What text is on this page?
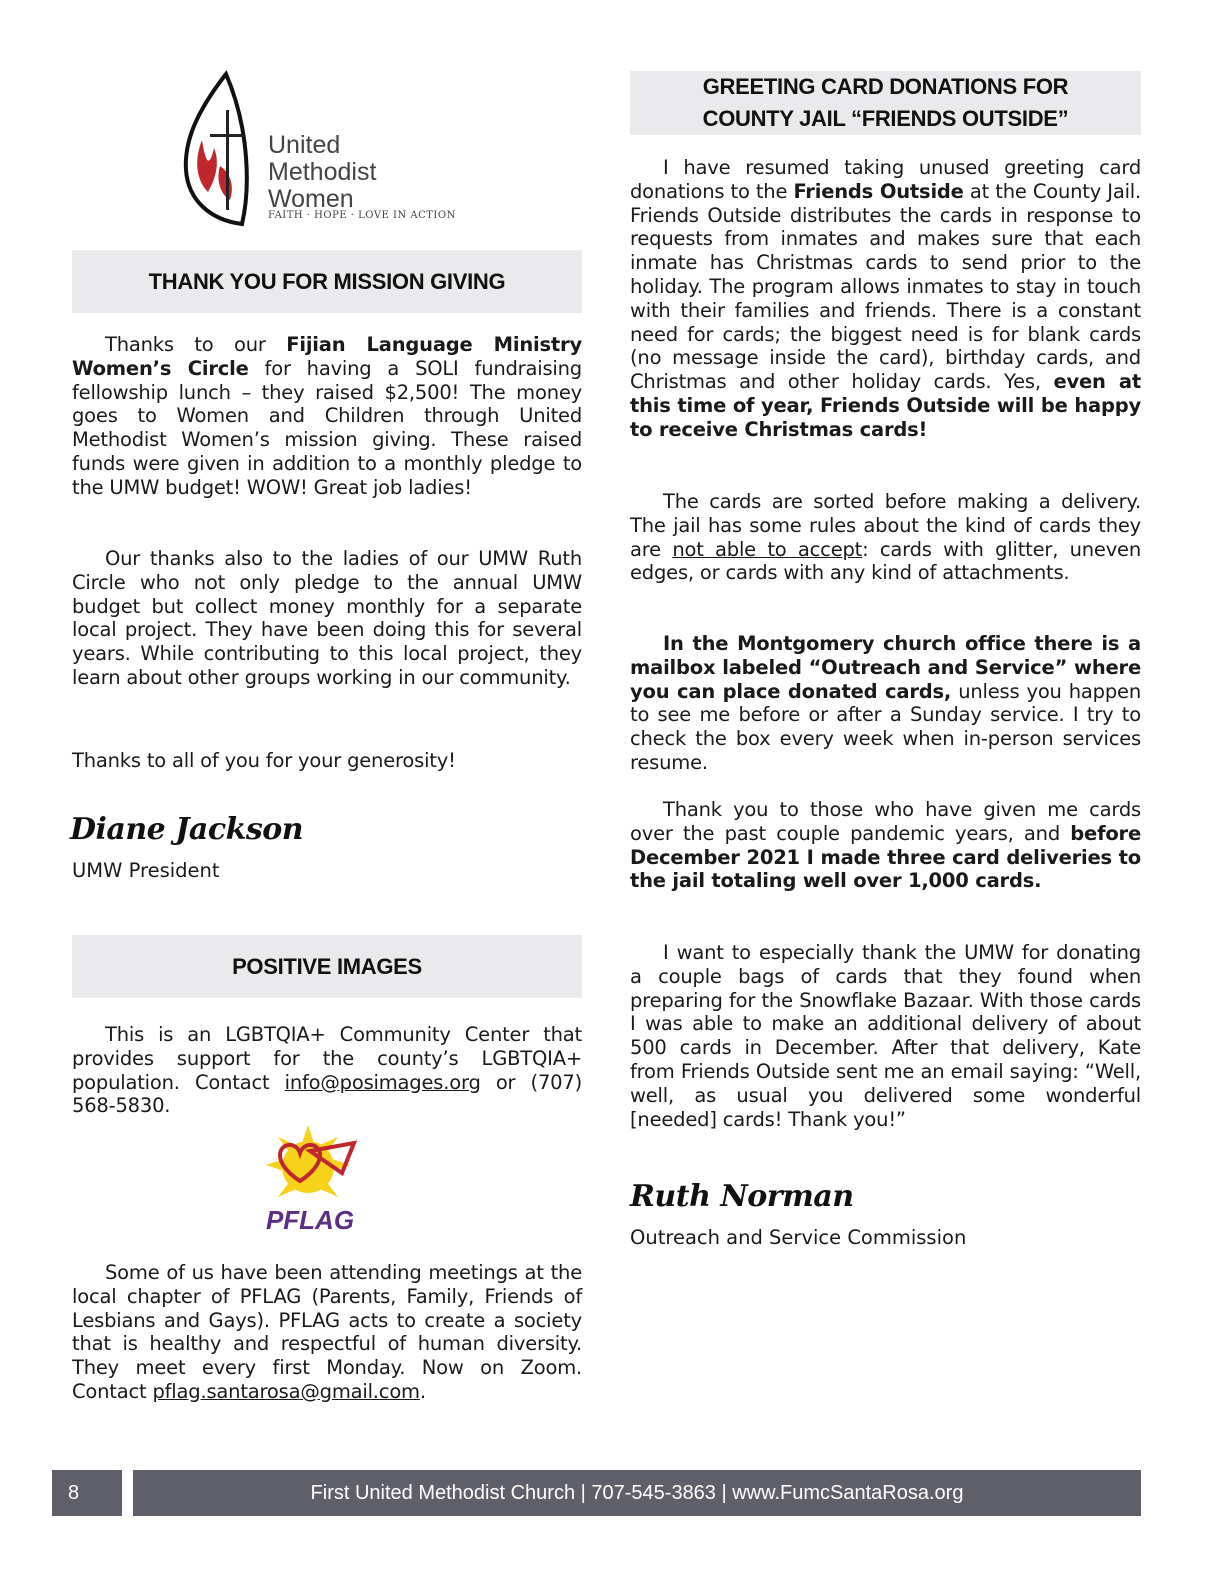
United
Methodist
Women
FAITH · HOPE · LOVE IN ACTION
THANK YOU FOR MISSION GIVING
Thanks to our Fijian Language Ministry Women’s Circle for having a SOLI fundraising fellowship lunch – they raised $2,500! The money goes to Women and Children through United Methodist Women’s mission giving. These raised funds were given in addition to a monthly pledge to the UMW budget! WOW! Great job ladies!
Our thanks also to the ladies of our UMW Ruth Circle who not only pledge to the annual UMW budget but collect money monthly for a separate local project. They have been doing this for several years. While contributing to this local project, they learn about other groups working in our community.
Thanks to all of you for your generosity!
Diane Jackson
UMW President
POSITIVE IMAGES
This is an LGBTQIA+ Community Center that provides support for the county’s LGBTQIA+ population. Contact info@posimages.org or (707) 568-5830.
PFLAG
Some of us have been attending meetings at the local chapter of PFLAG (Parents, Family, Friends of Lesbians and Gays). PFLAG acts to create a society that is healthy and respectful of human diversity. They meet every first Monday. Now on Zoom. Contact pflag.santarosa@gmail.com.
GREETING CARD DONATIONS FOR
COUNTY JAIL “FRIENDS OUTSIDE”
I have resumed taking unused greeting card donations to the Friends Outside at the County Jail. Friends Outside distributes the cards in response to requests from inmates and makes sure that each inmate has Christmas cards to send prior to the holiday. The program allows inmates to stay in touch with their families and friends. There is a constant need for cards; the biggest need is for blank cards (no message inside the card), birthday cards, and Christmas and other holiday cards. Yes, even at this time of year, Friends Outside will be happy to receive Christmas cards!
The cards are sorted before making a delivery. The jail has some rules about the kind of cards they are not able to accept: cards with glitter, uneven edges, or cards with any kind of attachments.
In the Montgomery church office there is a mailbox labeled “Outreach and Service” where you can place donated cards, unless you happen to see me before or after a Sunday service. I try to check the box every week when in-person services resume.
Thank you to those who have given me cards over the past couple pandemic years, and before December 2021 I made three card deliveries to the jail totaling well over 1,000 cards.
I want to especially thank the UMW for donating a couple bags of cards that they found when preparing for the Snowflake Bazaar. With those cards I was able to make an additional delivery of about 500 cards in December. After that delivery, Kate from Friends Outside sent me an email saying: “Well, well, as usual you delivered some wonderful [needed] cards! Thank you!”
Ruth Norman
Outreach and Service Commission
8	First United Methodist Church | 707-545-3863 | www.FumcSantaRosa.org
